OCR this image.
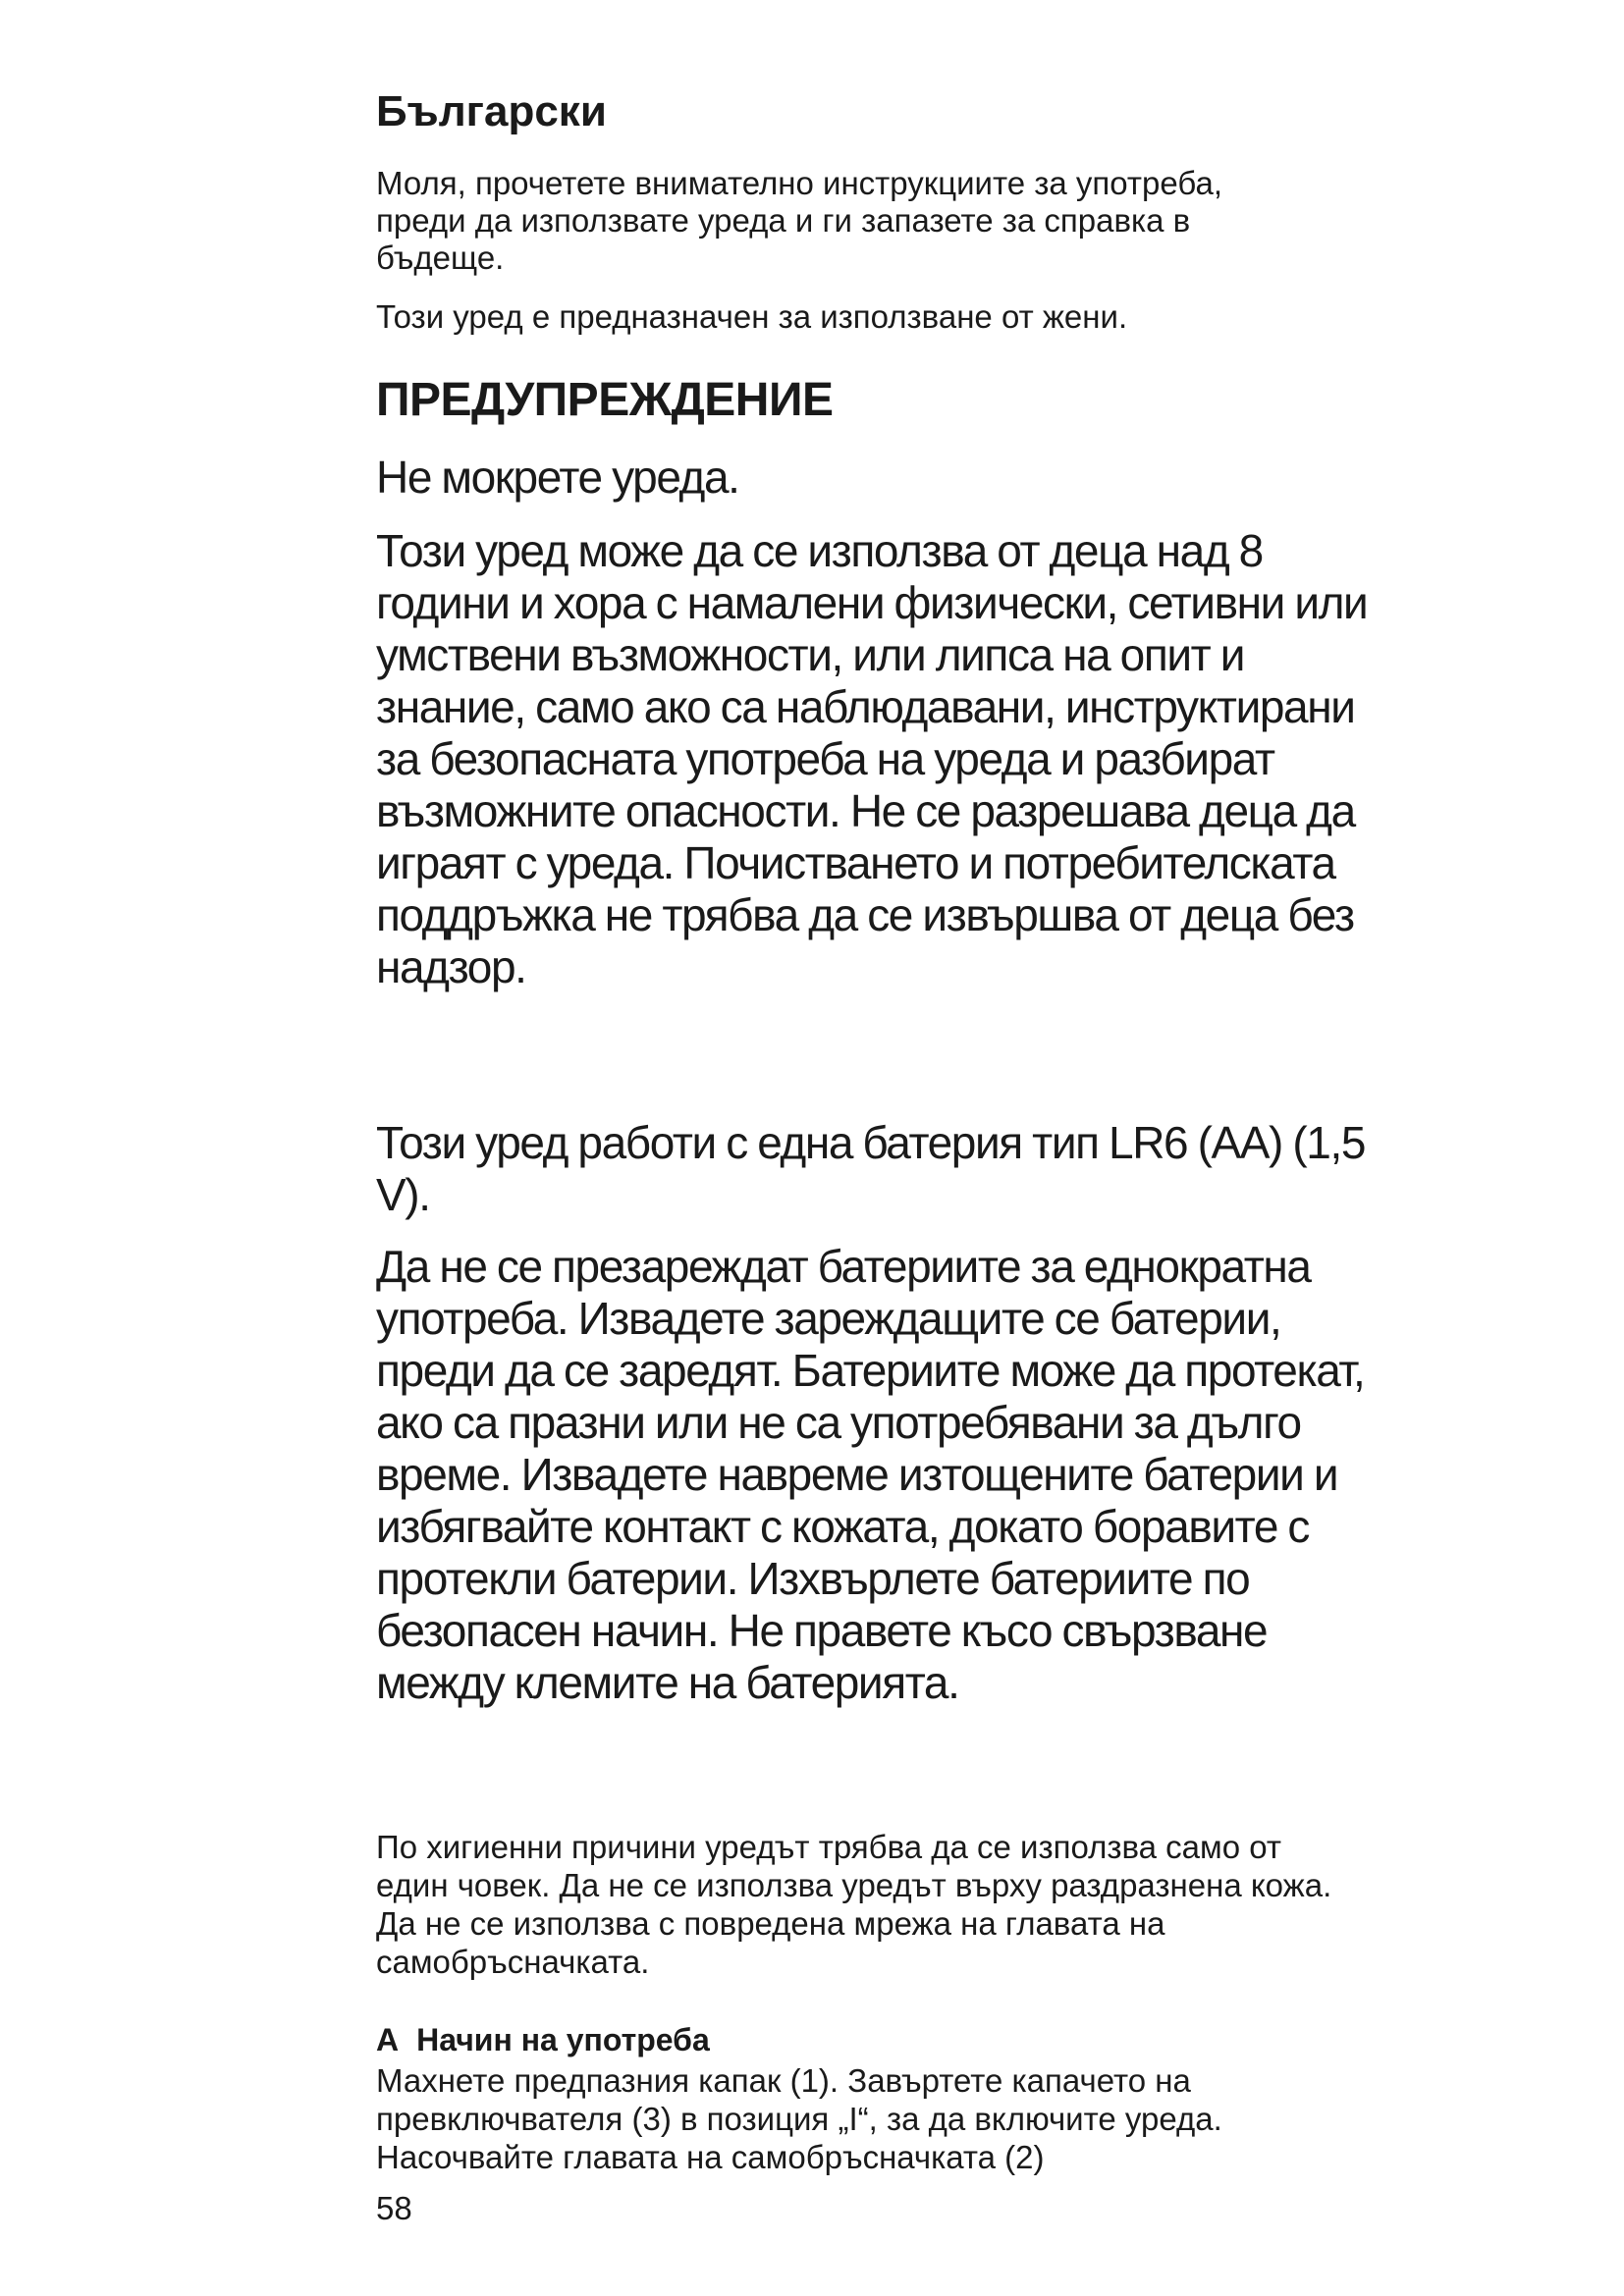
Български

Моля, прочетете внимателно инструкциите за употреба, преди да използвате уреда и ги запазете за справка в бъдеще.

Този уред е предназначен за използване от жени.

ПРЕДУПРЕЖДЕНИЕ

Не мокрете уреда.

Този уред може да се използва от деца над 8 години и хора с намалени физически, сетивни или умствени възможности, или липса на опит и знание, само ако са наблюдавани, инструктирани за безопасната употреба на уреда и разбират възможните опасности. Не се разрешава деца да играят с уреда. Почистването и потребителската поддръжка не трябва да се извършва от деца без надзор.

Този уред работи с една батерия тип LR6 (AA) (1,5 V).

Да не се презареждат батериите за еднократна употреба. Извадете зареждащите се батерии, преди да се заредят. Батериите може да протекат, ако са празни или не са употребявани за дълго време. Извадете навреме изтощените батерии и избягвайте контакт с кожата, докато боравите с протекли батерии. Изхвърлете батериите по безопасен начин. Не правете късо свързване между клемите на батерията.

По хигиенни причини уредът трябва да се използва само от един човек. Да не се използва уредът върху раздразнена кожа. Да не се използва с повредена мрежа на главата на самобръсначката.

A Начин на употреба

Махнете предпазния капак (1). Завъртете капачето на превключвателя (3) в позиция „I“, за да включите уреда. Насочвайте главата на самобръсначката (2)

58
